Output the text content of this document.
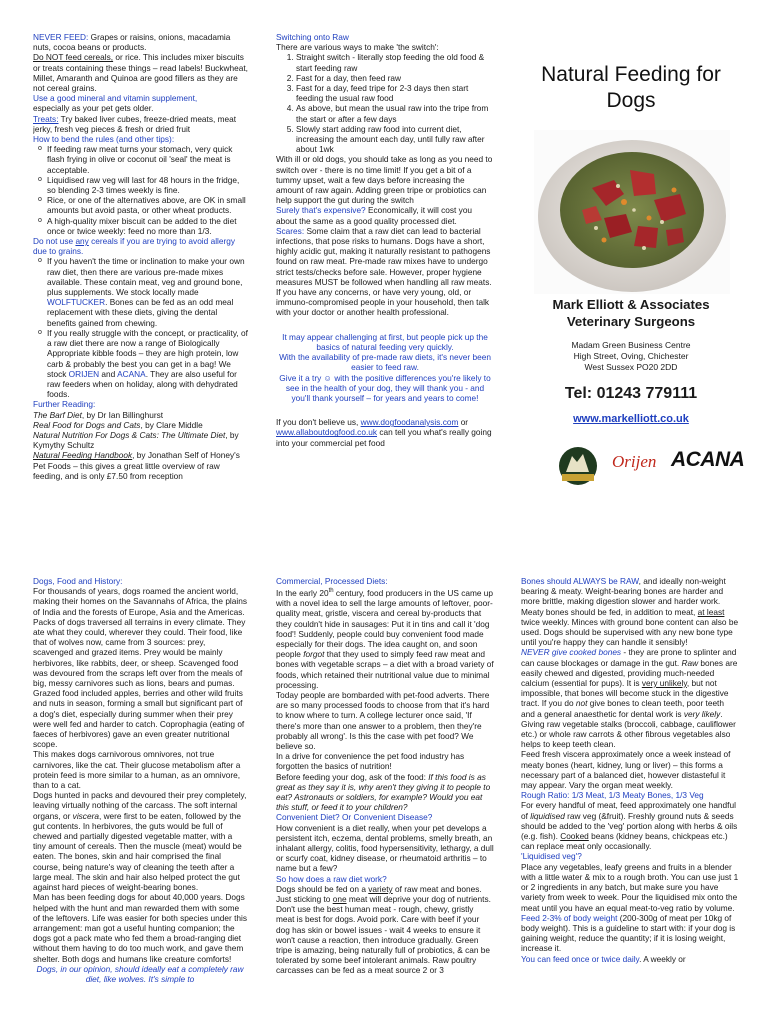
NEVER FEED: Grapes or raisins, onions, macadamia nuts, cocoa beans or products.

Do NOT feed cereals, or rice. This includes mixer biscuits or treats containing these things – read labels! Buckwheat, Millet, Amaranth and Quinoa are good fillers as they are not cereal grains.

Use a good mineral and vitamin supplement,
especially as your pet gets older.

Treats: Try baked liver cubes, freeze-dried meats, meat jerky, fresh veg pieces & fresh or dried fruit

How to bend the rules (and other tips):

o If feeding raw meat turns your stomach, very quick flash frying in olive or coconut oil 'seal' the meat is acceptable.
o Liquidised raw veg will last for 48 hours in the fridge, so blending 2-3 times weekly is fine.
o Rice, or one of the alternatives above, are OK in small amounts but avoid pasta, or other wheat products.
o A high-quality mixer biscuit can be added to the diet once or twice weekly: feed no more than 1/3.

Do not use any cereals if you are trying to avoid allergy due to grains.

o If you haven't the time or inclination to make your own raw diet, then there are various pre-made mixes available. These contain meat, veg and ground bone, plus supplements. We stock locally made WOLFTUCKER. Bones can be fed as an odd meal replacement with these diets, giving the dental benefits gained from chewing.
o If you really struggle with the concept, or practicality, of a raw diet there are now a range of Biologically Appropriate kibble foods – they are high protein, low carb & probably the best you can get in a bag! We stock ORIJEN and ACANA. They are also useful for raw feeders when on holiday, along with dehydrated foods.

Further Reading:

The Barf Diet, by Dr Ian Billinghurst

Real Food for Dogs and Cats, by Clare Middle

Natural Nutrition For Dogs & Cats: The Ultimate Diet, by Kymythy Schultz

Natural Feeding Handbook, by Jonathan Self of Honey's Pet Foods – this gives a great little overview of raw feeding, and is only £7.50 from reception

Switching onto Raw

There are various ways to make 'the switch':

1. Straight switch - literally stop feeding the old food & start feeding raw
2. Fast for a day, then feed raw
3. Fast for a day, feed tripe for 2-3 days then start feeding the usual raw food
4. As above, but mean the usual raw into the tripe from the start or after a few days
5. Slowly start adding raw food into current diet, increasing the amount each day, until fully raw after about 1wk

With ill or old dogs, you should take as long as you need to switch over - there is no time limit! If you get a bit of a tummy upset, wait a few days before increasing the amount of raw again. Adding green tripe or probiotics can help support the gut during the switch

Surely that's expensive? Economically, it will cost you about the same as a good quality processed diet.

Scares: Some claim that a raw diet can lead to bacterial infections, that pose risks to humans. Dogs have a short, highly acidic gut, making it naturally resistant to pathogens found on raw meat. Pre-made raw mixes have to undergo strict tests/checks before sale. However, proper hygiene measures MUST be followed when handling all raw meats.

If you have any concerns, or have very young, old, or immuno-compromised people in your household, then talk with your doctor or another health professional.

It may appear challenging at first, but people pick up the basics of natural feeding very quickly.
With the availability of pre-made raw diets, it's never been easier to feed raw.
Give it a try ☺ with the positive differences you're likely to see in the health of your dog, they will thank you - and you'll thank yourself – for years and years to come!

If you don't believe us, www.dogfoodanalysis.com or www.allaboutdogfood.co.uk can tell you what's really going into your commercial pet food

Natural Feeding for Dogs
Mark Elliott & Associates Veterinary Surgeons
Madam Green Business Centre
High Street, Oving, Chichester
West Sussex PO20 2DD
Tel: 01243 779111
www.markelliott.co.uk
Orijen ACANA

Dogs, Food and History:

For thousands of years, dogs roamed the ancient world, making their homes on the Savannahs of Africa, the plains of India and the forests of Europe, Asia and the Americas. Packs of dogs traversed all terrains in every climate. They ate what they could, wherever they could. Their food, like that of wolves now, came from 3 sources: prey, scavenged and grazed items. Prey would be mainly herbivores, like rabbits, deer, or sheep. Scavenged food was devoured from the scraps left over from the meals of big, messy carnivores such as lions, bears and pumas. Grazed food included apples, berries and other wild fruits and nuts in season, forming a small but significant part of a dog's diet, especially during summer when their prey were well fed and harder to catch. Coprophagia (eating of faeces of herbivores) gave an even greater nutritional scope.

This makes dogs carnivorous omnivores, not true carnivores, like the cat. Their glucose metabolism after a protein feed is more similar to a human, as an omnivore, than to a cat.

Dogs hunted in packs and devoured their prey completely, leaving virtually nothing of the carcass. The soft internal organs, or viscera, were first to be eaten, followed by the gut contents. In herbivores, the guts would be full of chewed and partially digested vegetable matter, with a tiny amount of cereals. Then the muscle (meat) would be eaten. The bones, skin and hair comprised the final course, being nature's way of cleaning the teeth after a large meal. The skin and hair also helped protect the gut against hard pieces of weight-bearing bones.

Man has been feeding dogs for about 40,000 years. Dogs helped with the hunt and man rewarded them with some of the leftovers. Life was easier for both species under this arrangement: man got a useful hunting companion; the dogs got a pack mate who fed them a broad-ranging diet without them having to do too much work, and gave them shelter. Both dogs and humans like creature comforts!

Dogs, in our opinion, should ideally eat a completely raw diet, like wolves. It's simple to

Commercial, Processed Diets:

In the early 20th century, food producers in the US came up with a novel idea to sell the large amounts of leftover, poor-quality meat, gristle, viscera and cereal by-products that they couldn't hide in sausages: Put it in tins and call it 'dog food'! Suddenly, people could buy convenient food made especially for their dogs. The idea caught on, and soon people forgot that they used to simply feed raw meat and bones with vegetable scraps – a diet with a broad variety of foods, which retained their nutritional value due to minimal processing.

Today people are bombarded with pet-food adverts. There are so many processed foods to choose from that it's hard to know where to turn. A college lecturer once said, 'If there's more than one answer to a problem, then they're probably all wrong'. Is this the case with pet food? We believe so.

In a drive for convenience the pet food industry has forgotten the basics of nutrition!

Before feeding your dog, ask of the food: If this food is as great as they say it is, why aren't they giving it to people to eat? Astronauts or soldiers, for example? Would you eat this stuff, or feed it to your children?

Convenient Diet? Or Convenient Disease?

How convenient is a diet really, when your pet develops a persistent itch, eczema, dental problems, smelly breath, an inhalant allergy, colitis, food hypersensitivity, lethargy, a dull or scurfy coat, kidney disease, or rheumatoid arthritis – to name but a few?

So how does a raw diet work?

Dogs should be fed on a variety of raw meat and bones. Just sticking to one meat will deprive your dog of nutrients. Don't use the best human meat - rough, chewy, gristly meat is best for dogs. Avoid pork. Care with beef if your dog has skin or bowel issues - wait 4 weeks to ensure it won't cause a reaction, then introduce gradually. Green tripe is amazing, being naturally full of probiotics, & can be tolerated by some beef intolerant animals. Raw poultry carcasses can be fed as a meat source 2 or 3

Bones should ALWAYS be RAW, and ideally non-weight bearing & meaty. Weight-bearing bones are harder and more brittle, making digestion slower and harder work. Meaty bones should be fed, in addition to meat, at least twice weekly. Minces with ground bone content can also be used. Dogs should be supervised with any new bone type until you're happy they can handle it sensibly!

NEVER give cooked bones - they are prone to splinter and can cause blockages or damage in the gut. Raw bones are easily chewed and digested, providing much-needed calcium (essential for pups). It is very unlikely, but not impossible, that bones will become stuck in the digestive tract. If you do not give bones to clean teeth, poor teeth and a general anaesthetic for dental work is very likely. Giving raw vegetable stalks (broccoli, cabbage, cauliflower etc.) or whole raw carrots & other fibrous vegetables also helps to keep teeth clean.

Feed fresh viscera approximately once a week instead of meaty bones (heart, kidney, lung or liver) – this forms a necessary part of a balanced diet, however distasteful it may appear. Vary the organ meat weekly.

Rough Ratio: 1/3 Meat, 1/3 Meaty Bones, 1/3 Veg

For every handful of meat, feed approximately one handful of liquidised raw veg (&fruit). Freshly ground nuts & seeds should be added to the 'veg' portion along with herbs & oils (e.g. fish). Cooked beans (kidney beans, chickpeas etc.) can replace meat only occasionally.

'Liquidised veg'?

Place any vegetables, leafy greens and fruits in a blender with a little water & mix to a rough broth. You can use just 1 or 2 ingredients in any batch, but make sure you have variety from week to week. Pour the liquidised mix onto the meat until you have an equal meat-to-veg ratio by volume.

Feed 2-3% of body weight (200-300g of meat per 10kg of body weight). This is a guideline to start with: if your dog is gaining weight, reduce the quantity; if it is losing weight, increase it.

You can feed once or twice daily. A weekly or
